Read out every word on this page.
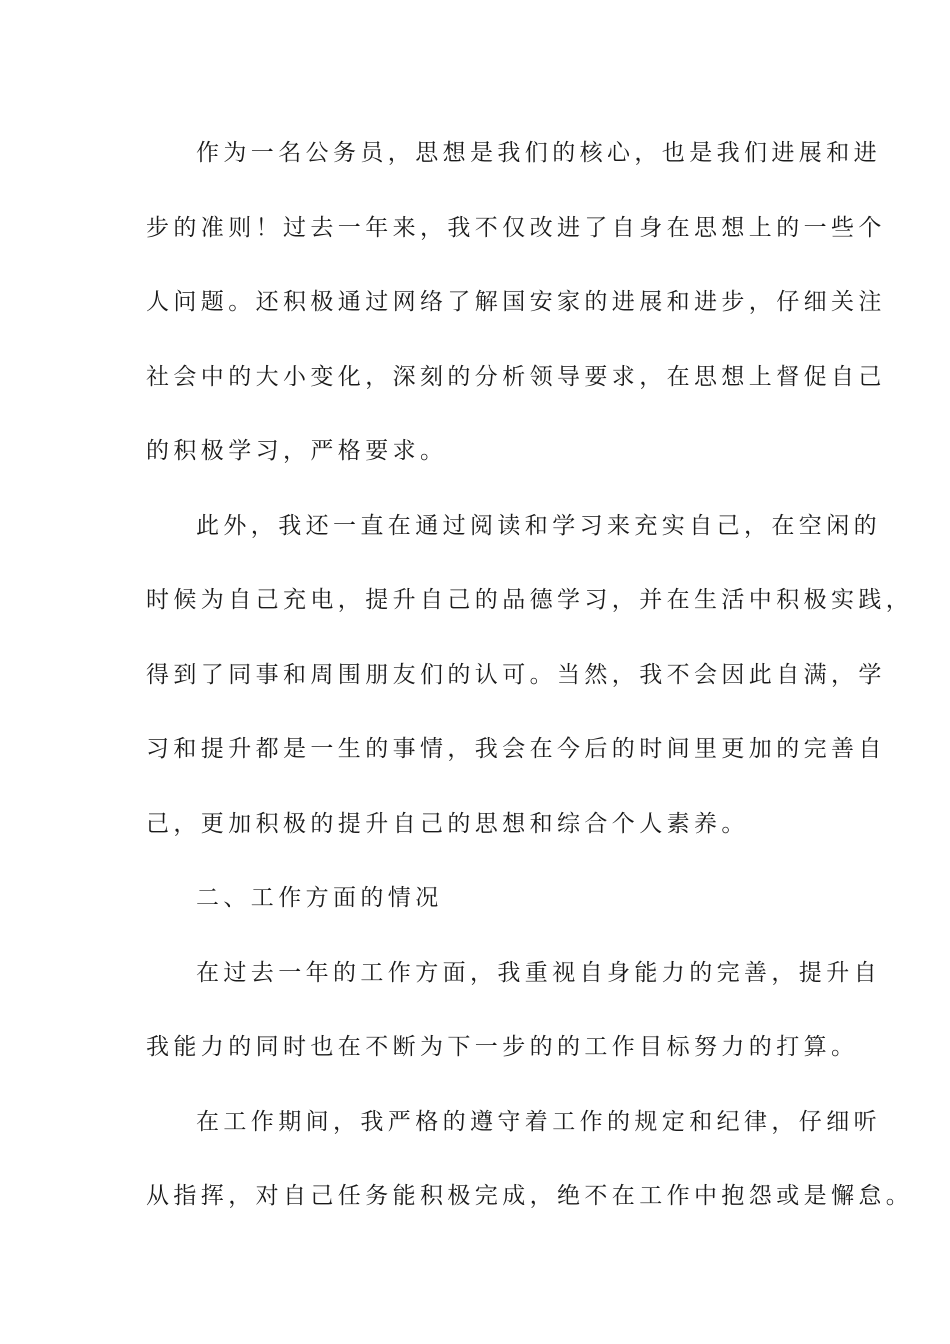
作为一名公务员，思想是我们的核心，也是我们进展和进
步的准则！过去一年来，我不仅改进了自身在思想上的一些个
人问题。还积极通过网络了解国安家的进展和进步，仔细关注
社会中的大小变化，深刻的分析领导要求，在思想上督促自己
的积极学习，严格要求。
此外，我还一直在通过阅读和学习来充实自己，在空闲的
时候为自己充电，提升自己的品德学习，并在生活中积极实践，
得到了同事和周围朋友们的认可。当然，我不会因此自满，学
习和提升都是一生的事情，我会在今后的时间里更加的完善自
己，更加积极的提升自己的思想和综合个人素养。
二、工作方面的情况
在过去一年的工作方面，我重视自身能力的完善，提升自
我能力的同时也在不断为下一步的的工作目标努力的打算。
在工作期间，我严格的遵守着工作的规定和纪律，仔细听
从指挥，对自己任务能积极完成，绝不在工作中抱怨或是懈怠。
